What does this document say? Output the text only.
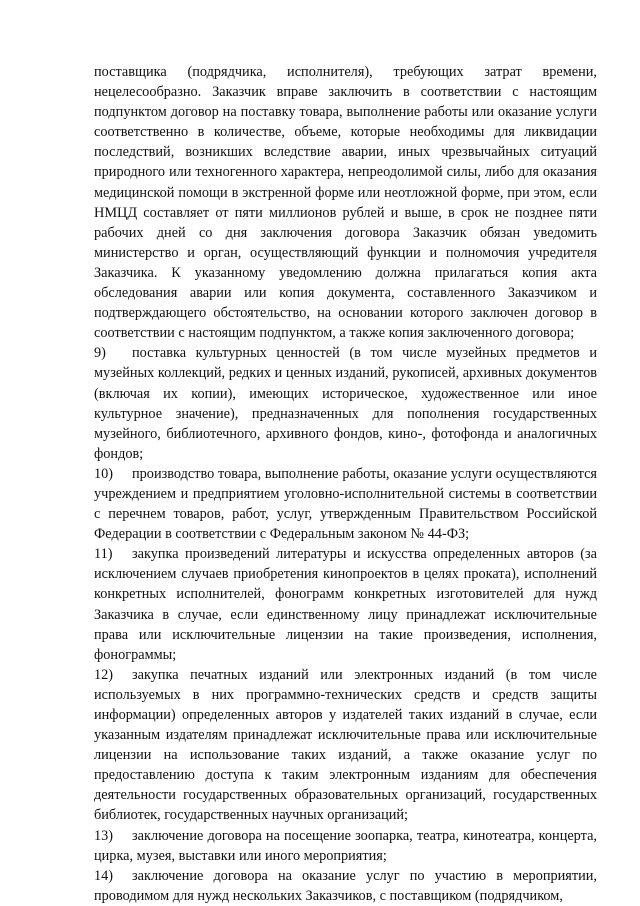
поставщика (подрядчика, исполнителя), требующих затрат времени, нецелесообразно. Заказчик вправе заключить в соответствии с настоящим подпунктом договор на поставку товара, выполнение работы или оказание услуги соответственно в количестве, объеме, которые необходимы для ликвидации последствий, возникших вследствие аварии, иных чрезвычайных ситуаций природного или техногенного характера, непреодолимой силы, либо для оказания медицинской помощи в экстренной форме или неотложной форме, при этом, если НМЦД составляет от пяти миллионов рублей и выше, в срок не позднее пяти рабочих дней со дня заключения договора Заказчик обязан уведомить министерство и орган, осуществляющий функции и полномочия учредителя Заказчика. К указанному уведомлению должна прилагаться копия акта обследования аварии или копия документа, составленного Заказчиком и подтверждающего обстоятельство, на основании которого заключен договор в соответствии с настоящим подпунктом, а также копия заключенного договора;

9) поставка культурных ценностей (в том числе музейных предметов и музейных коллекций, редких и ценных изданий, рукописей, архивных документов (включая их копии), имеющих историческое, художественное или иное культурное значение), предназначенных для пополнения государственных музейного, библиотечного, архивного фондов, кино-, фотофонда и аналогичных фондов;

10) производство товара, выполнение работы, оказание услуги осуществляются учреждением и предприятием уголовно-исполнительной системы в соответствии с перечнем товаров, работ, услуг, утвержденным Правительством Российской Федерации в соответствии с Федеральным законом № 44-ФЗ;

11) закупка произведений литературы и искусства определенных авторов (за исключением случаев приобретения кинопроектов в целях проката), исполнений конкретных исполнителей, фонограмм конкретных изготовителей для нужд Заказчика в случае, если единственному лицу принадлежат исключительные права или исключительные лицензии на такие произведения, исполнения, фонограммы;

12) закупка печатных изданий или электронных изданий (в том числе используемых в них программно-технических средств и средств защиты информации) определенных авторов у издателей таких изданий в случае, если указанным издателям принадлежат исключительные права или исключительные лицензии на использование таких изданий, а также оказание услуг по предоставлению доступа к таким электронным изданиям для обеспечения деятельности государственных образовательных организаций, государственных библиотек, государственных научных организаций;

13) заключение договора на посещение зоопарка, театра, кинотеатра, концерта, цирка, музея, выставки или иного мероприятия;

14) заключение договора на оказание услуг по участию в мероприятии, проводимом для нужд нескольких Заказчиков, с поставщиком (подрядчиком,
